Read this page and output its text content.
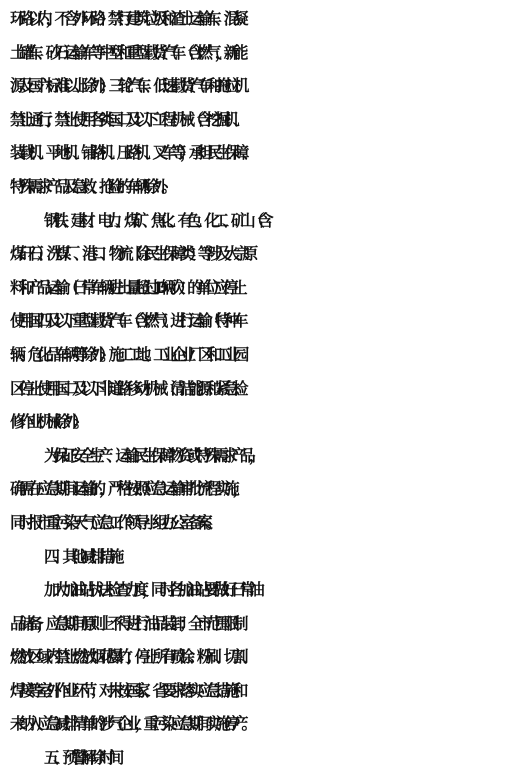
环路以内，不含外环路）禁行建筑垃圾和渣土运输车、混凝
土罐车、砂石运输车等中型和重型载货汽车（含燃气，新能
源及国六标准以上除外）；三轮汽车、低速载货汽车和拖拉机
禁止通行；禁止使用各类国二及以下工程机械（含挖掘机、
装载机、平地机、铺路机、压路机、叉车等），承担民生保障、
特殊需求产品及急救、抢险的车辆除外。
钢铁、建材、电力、煤矿、焦化、有色、化工、矿山（含
煤矸石）、洗煤厂、港口、物流（除民生保障类）等涉及大宗原
料和产品运输（日常车辆进出量超过10辆次）的单位应停止
使用国四及以下重型载货汽车（含燃气）进行运输（特种车
辆、危化品车辆等除外）。施工工地、工业企业厂区和工业园
区停止使用国二及以下非道路移动机械（清洁能源和紧急检
修作业机械除外）。
为保证安全生产、运输民生保障物资或特殊需求产品，
确需在应急期间运输的，严格按照应急运输审批流程实施，
同时报市重污染天气应急工作领导小组办公室备案。
四、其他减排措施
加大加油站执法检查力度，同时各加油站要做好日常油
品储备，应急期间原则上不得进行油品装卸；全市范围限制
燃放区域内禁止燃放烟花爆竹；停止所有喷涂、粉刷、切割、
焊接等室外作业环节；对未按国家、省要求落实应急措施和
未纳入应急减排清单的涉气企业，重污染应急期间实施停产。
五、预警解除时间
